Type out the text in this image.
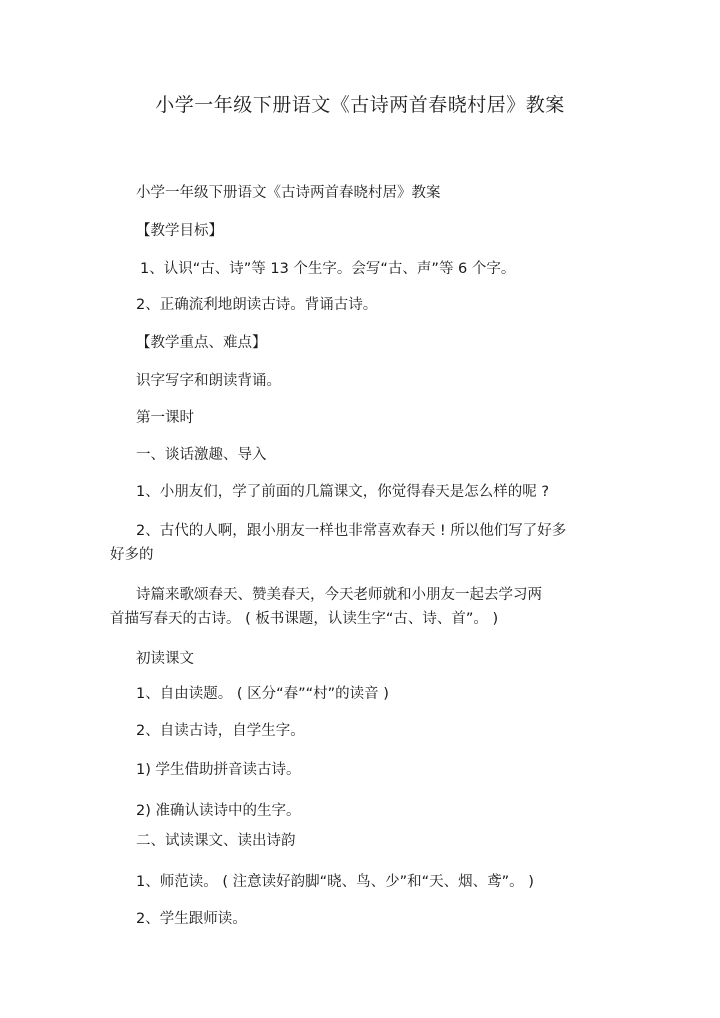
小学一年级下册语文《古诗两首春晓村居》教案

小学一年级下册语文《古诗两首春晓村居》教案

【教学目标】

1、认识“古、诗”等 13 个生字。会写“古、声”等 6 个字。

2、正确流利地朗读古诗。背诵古诗。

【教学重点、难点】

识字写字和朗读背诵。

第一课时

一、谈话激趣、导入

1、小朋友们，学了前面的几篇课文，你觉得春天是怎么样的呢 ?

2、古代的人啊，跟小朋友一样也非常喜欢春天 ! 所以他们写了好多

好多的

诗篇来歌颂春天、赞美春天，今天老师就和小朋友一起去学习两

首描写春天的古诗。 ( 板书课题，认读生字“古、诗、首”。 )

初读课文

1、自由读题。 ( 区分“春”“村”的读音 )

2、自读古诗，自学生字。

1) 学生借助拼音读古诗。

2) 准确认读诗中的生字。

二、试读课文、读出诗韵

1、师范读。 ( 注意读好韵脚“晓、鸟、少”和“天、烟、鸢”。 )

2、学生跟师读。
